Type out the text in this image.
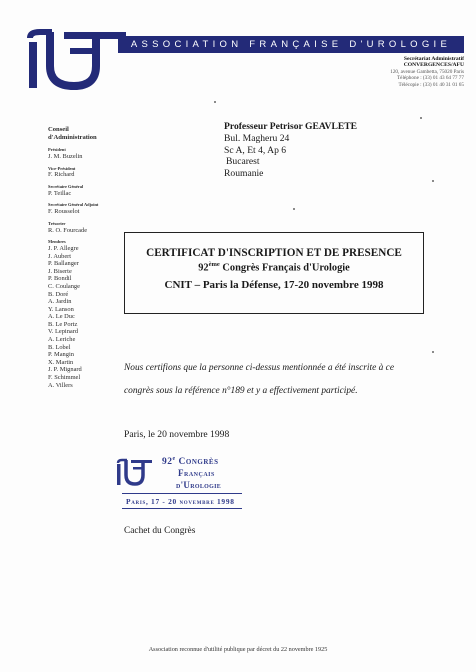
ASSOCIATION FRANÇAISE D'UROLOGIE
Secrétariat Administratif
CONVERGENCES/AFU
120, avenue Gambetta, 75020 Paris
Téléphone : (33) 01 43 64 77 77
Télécopie : (33) 01 40 31 01 65
Conseil
d'Administration
Président
J. M. Buzelin
Vice-Président
F. Richard
Secrétaire Général
P. Teillac
Secrétaire Général Adjoint
F. Rousselot
Trésorier
R. O. Fourcade
Membres
J. P. Allegre
J. Aubert
P. Ballanger
J. Biserte
P. Bondil
C. Coulange
B. Doré
A. Jardin
Y. Lanson
A. Le Duc
B. Le Portz
V. Lepinard
A. Leriche
B. Lobel
P. Mangin
X. Martin
J. P. Mignard
F. Schimmel
A. Villers
Professeur Petrisor GEAVLETE
Bul. Magheru 24
Sc A, Et 4, Ap 6
Bucarest
Roumanie
CERTIFICAT D'INSCRIPTION ET DE PRESENCE
92ème Congrès Français d'Urologie
CNIT – Paris la Défense, 17-20 novembre 1998
Nous certifions que la personne ci-dessus mentionnée a été inscrite à ce
congrès sous la référence n°189 et y a effectivement participé.
Paris, le 20 novembre 1998
92e Congrès
Français
d'Urologie
Paris, 17 - 20 novembre 1998
Cachet du Congrès
Association reconnue d'utilité publique par décret du 22 novembre 1925
